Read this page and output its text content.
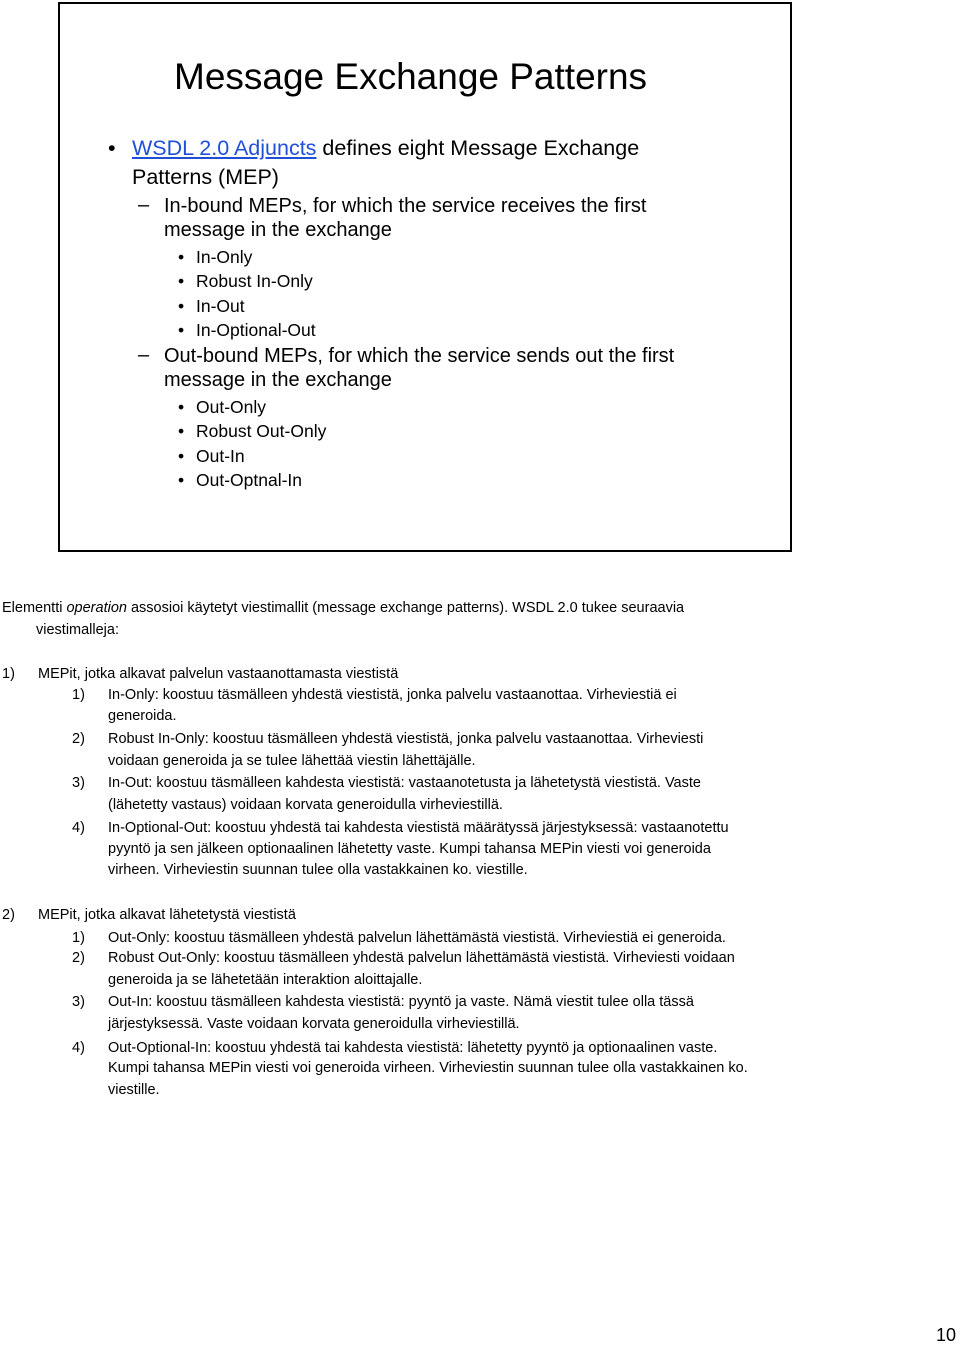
Message Exchange Patterns
• WSDL 2.0 Adjuncts defines eight Message Exchange
Patterns (MEP)
– In-bound MEPs, for which the service receives the first
message in the exchange
• In-Only
• Robust In-Only
• In-Out
• In-Optional-Out
– Out-bound MEPs, for which the service sends out the first
message in the exchange
• Out-Only
• Robust Out-Only
• Out-In
• Out-Optnal-In
Elementti operation assosioi käytetyt viestimallit (message exchange patterns). WSDL 2.0 tukee seuraavia
viestimalleja:
1) MEPit, jotka alkavat palvelun vastaanottamasta viestistä
1) In-Only: koostuu täsmälleen yhdestä viestistä, jonka palvelu vastaanottaa. Virheviestiä ei
generoida.
2) Robust In-Only: koostuu täsmälleen yhdestä viestistä, jonka palvelu vastaanottaa. Virheviesti
voidaan generoida ja se tulee lähettää viestin lähettäjälle.
3) In-Out: koostuu täsmälleen kahdesta viestistä: vastaanotetusta ja lähetetystä viestistä. Vaste
(lähetetty vastaus) voidaan korvata generoidulla virheviestillä.
4) In-Optional-Out: koostuu yhdestä tai kahdesta viestistä määrätyssä järjestyksessä: vastaanotettu
pyyntö ja sen jälkeen optionaalinen lähetetty vaste. Kumpi tahansa MEPin viesti voi generoida
virheen. Virheviestin suunnan tulee olla vastakkainen ko. viestille.
2) MEPit, jotka alkavat lähetetystä viestistä
1) Out-Only: koostuu täsmälleen yhdestä palvelun lähettämästä viestistä. Virheviestiä ei generoida.
2) Robust Out-Only: koostuu täsmälleen yhdestä palvelun lähettämästä viestistä. Virheviesti voidaan
generoida ja se lähetetään interaktion aloittajalle.
3) Out-In: koostuu täsmälleen kahdesta viestistä: pyyntö ja vaste. Nämä viestit tulee olla tässä
järjestyksessä. Vaste voidaan korvata generoidulla virheviestillä.
4) Out-Optional-In: koostuu yhdestä tai kahdesta viestistä: lähetetty pyyntö ja optionaalinen vaste.
Kumpi tahansa MEPin viesti voi generoida virheen. Virheviestin suunnan tulee olla vastakkainen ko.
viestille.
10
